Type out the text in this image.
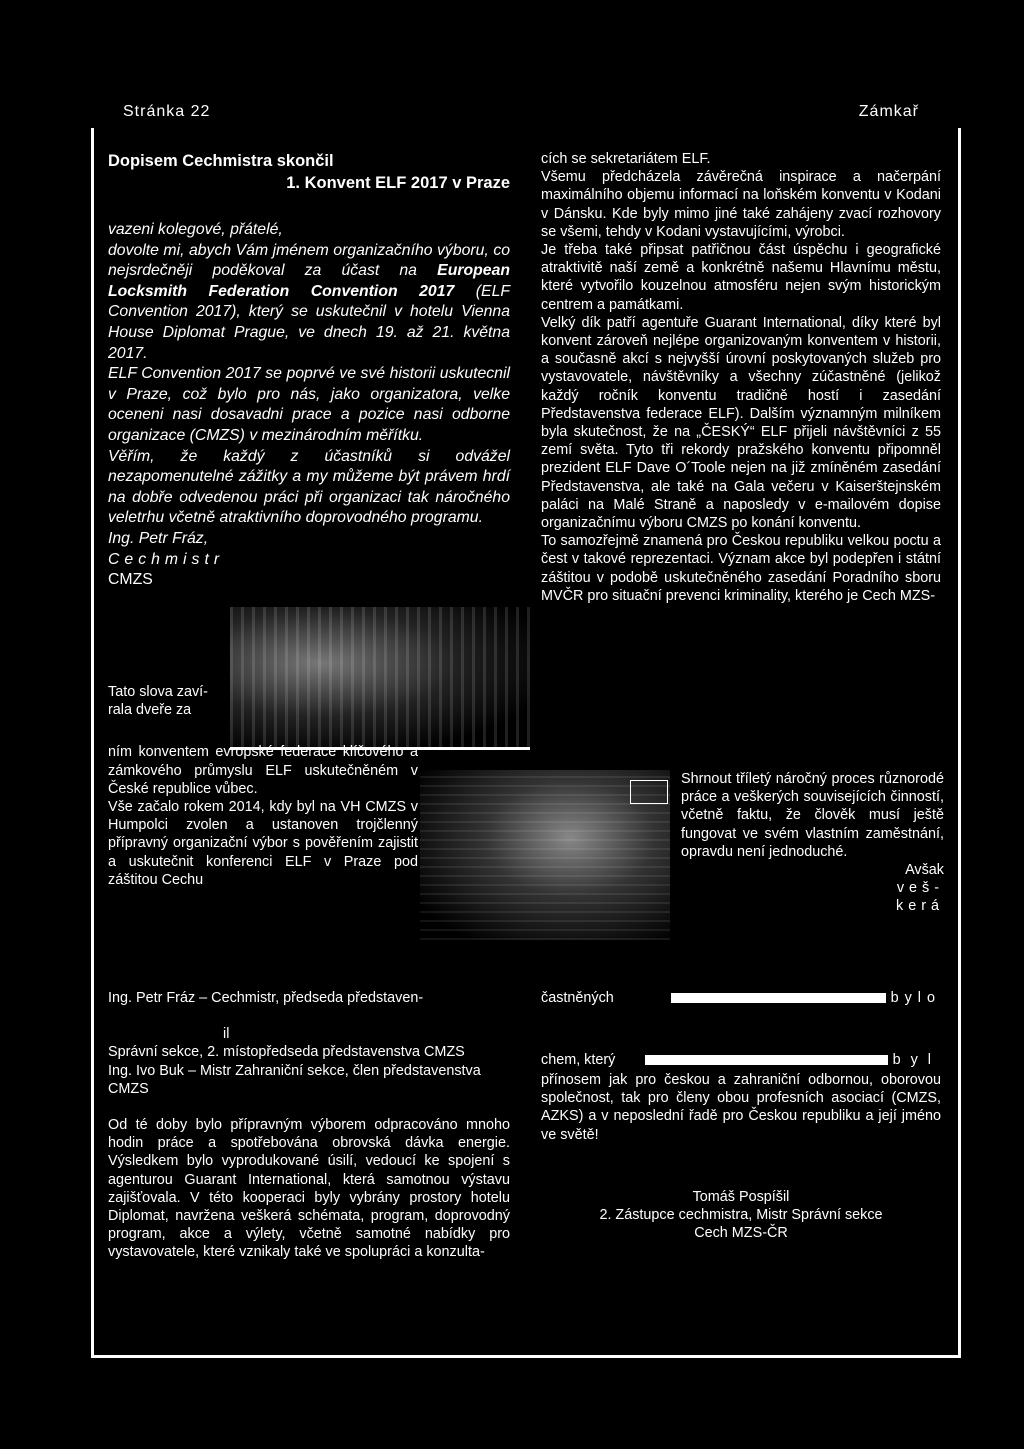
Stránka 22	Zámkař

Dopisem Cechmistra skončil

1. Konvent ELF 2017 v Praze

vazeni kolegové, přátelé,

dovolte mi, abych Vám jménem organizačního výboru, co nejsrdečněji poděkoval za účast na European Locksmith Federation Convention 2017 (ELF Convention 2017), který se uskutečnil v hotelu Vienna House Diplomat Prague, ve dnech 19. až 21. května 2017.

ELF Convention 2017 se poprvé ve své historii uskutecnil v Praze, což bylo pro nás, jako organizatora, velke oceneni nasi dosavadni prace a pozice nasi odborne organizace (CMZS) v mezinárodním měřítku.

Věřím, že každý z účastníků si odvážel nezapomenutelné zážitky a my můžeme být právem hrdí na dobře odvedenou práci při organizaci tak náročného veletrhu včetně atraktivního doprovodného programu.

Ing. Petr Fráz,

Cechmistr

CMZS

Tato slova zaví-

rala dveře za

ním konventem evropské federace klíčového a zámkového průmyslu ELF uskutečněném v České republice vůbec.

Vše začalo rokem 2014, kdy byl na VH CMZS v Humpolci zvolen a ustanoven trojčlenný přípravný organizační výbor s pověřením zajistit a uskutečnit konferenci ELF v Praze pod záštitou Cechu

Ing. Petr Fráz – Cechmistr, předseda představen-

il

Správní sekce, 2. místopředseda představenstva CMZS

Ing. Ivo Buk – Mistr Zahraniční sekce, člen představenstva CMZS

Od té doby bylo přípravným výborem odpracováno mnoho hodin práce a spotřebována obrovská dávka energie. Výsledkem bylo vyprodukované úsilí, vedoucí ke spojení s agenturou Guarant International, která samotnou výstavu zajišťovala. V této kooperaci byly vybrány prostory hotelu Diplomat, navržena veškerá schémata, program, doprovodný program, akce a výlety, včetně samotné nabídky pro vystavovatele, které vznikaly také ve spolupráci a konzulta-

cích se sekretariátem ELF.

Všemu předcházela závěrečná inspirace a načerpání maximálního objemu informací na loňském konventu v Kodani v Dánsku. Kde byly mimo jiné také zahájeny zvací rozhovory se všemi, tehdy v Kodani vystavujícími, výrobci.

Je třeba také připsat patřičnou část úspěchu i geografické atraktivitě naší země a konkrétně našemu Hlavnímu městu, které vytvořilo kouzelnou atmosféru nejen svým historickým centrem a památkami.

Velký dík patří agentuře Guarant International, díky které byl konvent zároveň nejlépe organizovaným konventem v historii, a současně akcí s nejvyšší úrovní poskytovaných služeb pro vystavovatele, návštěvníky a všechny zúčastněné (jelikož každý ročník konventu tradičně hostí i zasedání Představenstva federace ELF). Dalším významným milníkem byla skutečnost, že na „ČESKÝ“ ELF přijeli návštěvníci z 55 zemí světa. Tyto tři rekordy pražského konventu připomněl prezident ELF Dave O´Toole nejen na již zmíněném zasedání Představenstva, ale také na Gala večeru v Kaiserštejnském paláci na Malé Straně a naposledy v e-mailovém dopise organizačnímu výboru CMZS po konání konventu.

To samozřejmě znamená pro Českou republiku velkou poctu a čest v takové reprezentaci. Význam akce byl podepřen i státní záštitou v podobě uskutečněného zasedání Poradního sboru MVČR pro situační prevenci kriminality, kterého je Cech MZS-

Shrnout tříletý náročný proces různorodé práce a veškerých souvisejících činností, včetně faktu, že člověk musí ještě fungovat ve svém vlastním zaměstnání, opravdu není jednoduché.

Avšak

veš-

kerá

častněných	bylo
chem, který	byl

přínosem jak pro českou a zahraniční odbornou, oborovou společnost, tak pro členy obou profesních asociací (CMZS, AZKS) a v neposlední řadě pro Českou republiku a její jméno ve světě!

Tomáš Pospíšil

2. Zástupce cechmistra, Mistr Správní sekce

Cech MZS-ČR
